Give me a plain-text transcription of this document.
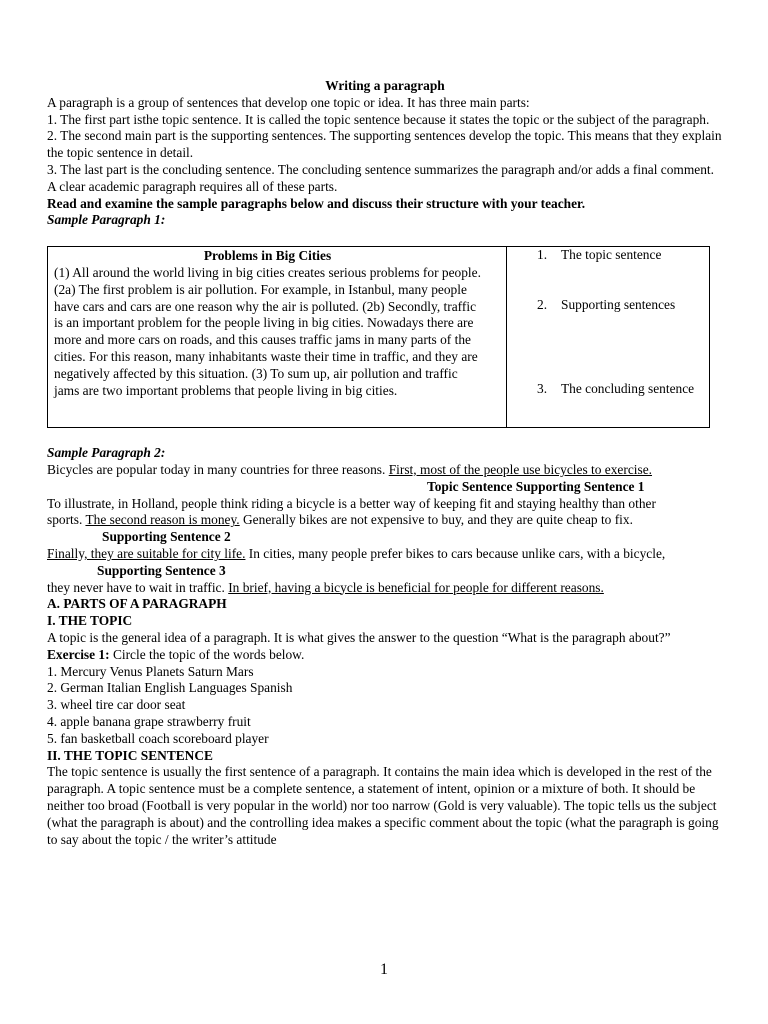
Writing a paragraph

A paragraph is a group of sentences that develop one topic or idea. It has three main parts:

1. The first part isthe topic sentence. It is called the topic sentence because it states the topic or the subject of the paragraph.

2. The second main part is the supporting sentences. The supporting sentences develop the topic. This means that they explain the topic sentence in detail.

3. The last part is the concluding sentence. The concluding sentence summarizes the paragraph and/or adds a final comment. A clear academic paragraph requires all of these parts.

Read and examine the sample paragraphs below and discuss their structure with your teacher.

Sample Paragraph 1:

Problems in Big Cities

(1) All around the world living in big cities creates serious problems for people. (2a) The first problem is air pollution. For example, in Istanbul, many people have cars and cars are one reason why the air is polluted. (2b) Secondly, traffic is an important problem for the people living in big cities. Nowadays there are more and more cars on roads, and this causes traffic jams in many parts of the cities. For this reason, many inhabitants waste their time in traffic, and they are negatively affected by this situation. (3) To sum up, air pollution and traffic jams are two important problems that people living in big cities.

1.	The topic sentence
2.	Supporting sentences
3.	The concluding sentence

Sample Paragraph 2:

Bicycles are popular today in many countries for three reasons. First, most of the people use bicycles to exercise.

Topic Sentence Supporting Sentence 1

To illustrate, in Holland, people think riding a bicycle is a better way of keeping fit and staying healthy than other

sports. The second reason is money. Generally bikes are not expensive to buy, and they are quite cheap to fix.

Supporting Sentence 2

Finally, they are suitable for city life. In cities, many people prefer bikes to cars because unlike cars, with a bicycle,

Supporting Sentence 3

they never have to wait in traffic. In brief, having a bicycle is beneficial for people for different reasons.

A. PARTS OF A PARAGRAPH

I. THE TOPIC

A topic is the general idea of a paragraph. It is what gives the answer to the question “What is the paragraph about?”

Exercise 1: Circle the topic of the words below.

1. Mercury Venus Planets Saturn Mars

2. German Italian English Languages Spanish

3. wheel tire car door seat

4. apple banana grape strawberry fruit

5. fan basketball coach scoreboard player

II. THE TOPIC SENTENCE

The topic sentence is usually the first sentence of a paragraph. It contains the main idea which is developed in the rest of the paragraph. A topic sentence must be a complete sentence, a statement of intent, opinion or a mixture of both. It should be neither too broad (Football is very popular in the world) nor too narrow (Gold is very valuable). The topic tells us the subject (what the paragraph is about) and the controlling idea makes a specific comment about the topic (what the paragraph is going to say about the topic / the writer’s attitude

1
